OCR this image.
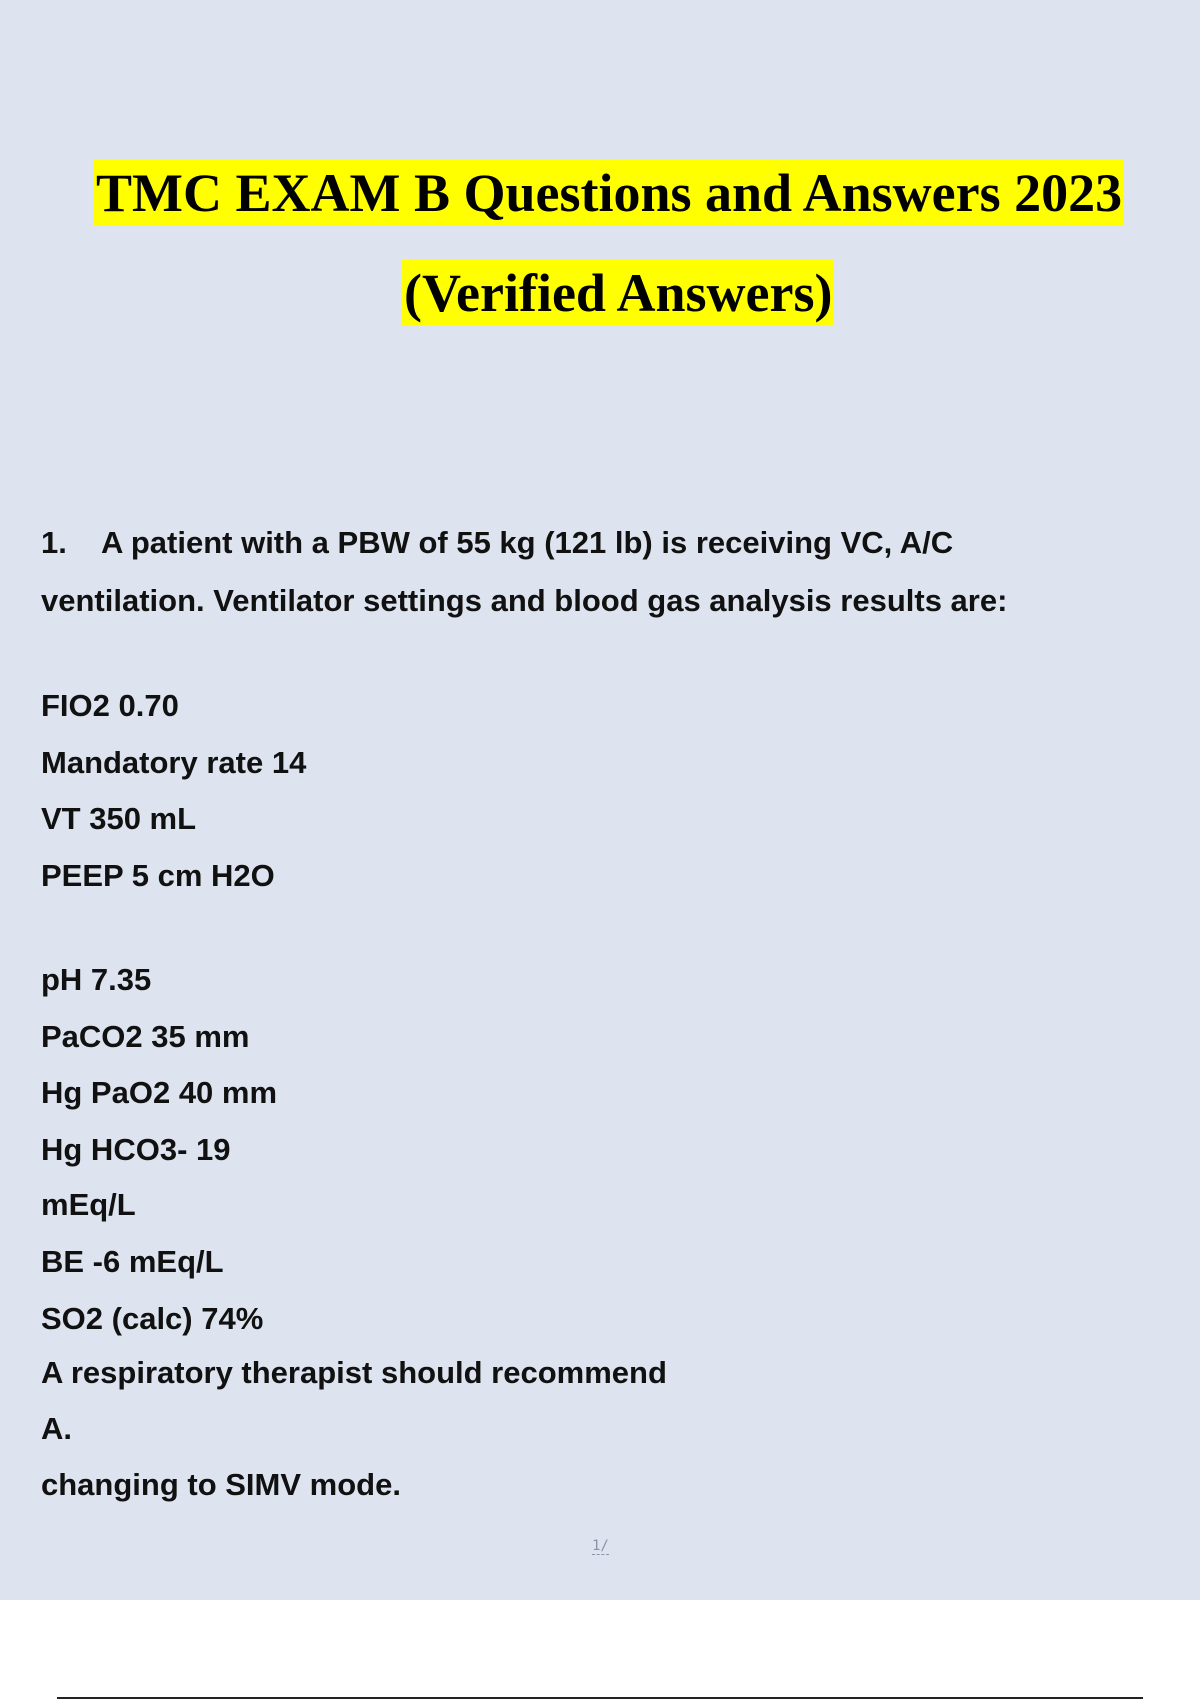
TMC EXAM B Questions and Answers 2023
(Verified Answers)
1. A patient with a PBW of 55 kg (121 lb) is receiving VC, A/C
ventilation. Ventilator settings and blood gas analysis results are:
FIO2 0.70
Mandatory rate 14
VT 350 mL
PEEP 5 cm H2O
pH 7.35
PaCO2 35 mm
Hg PaO2 40 mm
Hg HCO3- 19
mEq/L
BE -6 mEq/L
SO2 (calc) 74%
A respiratory therapist should recommend
A.
changing to SIMV mode.
1/
